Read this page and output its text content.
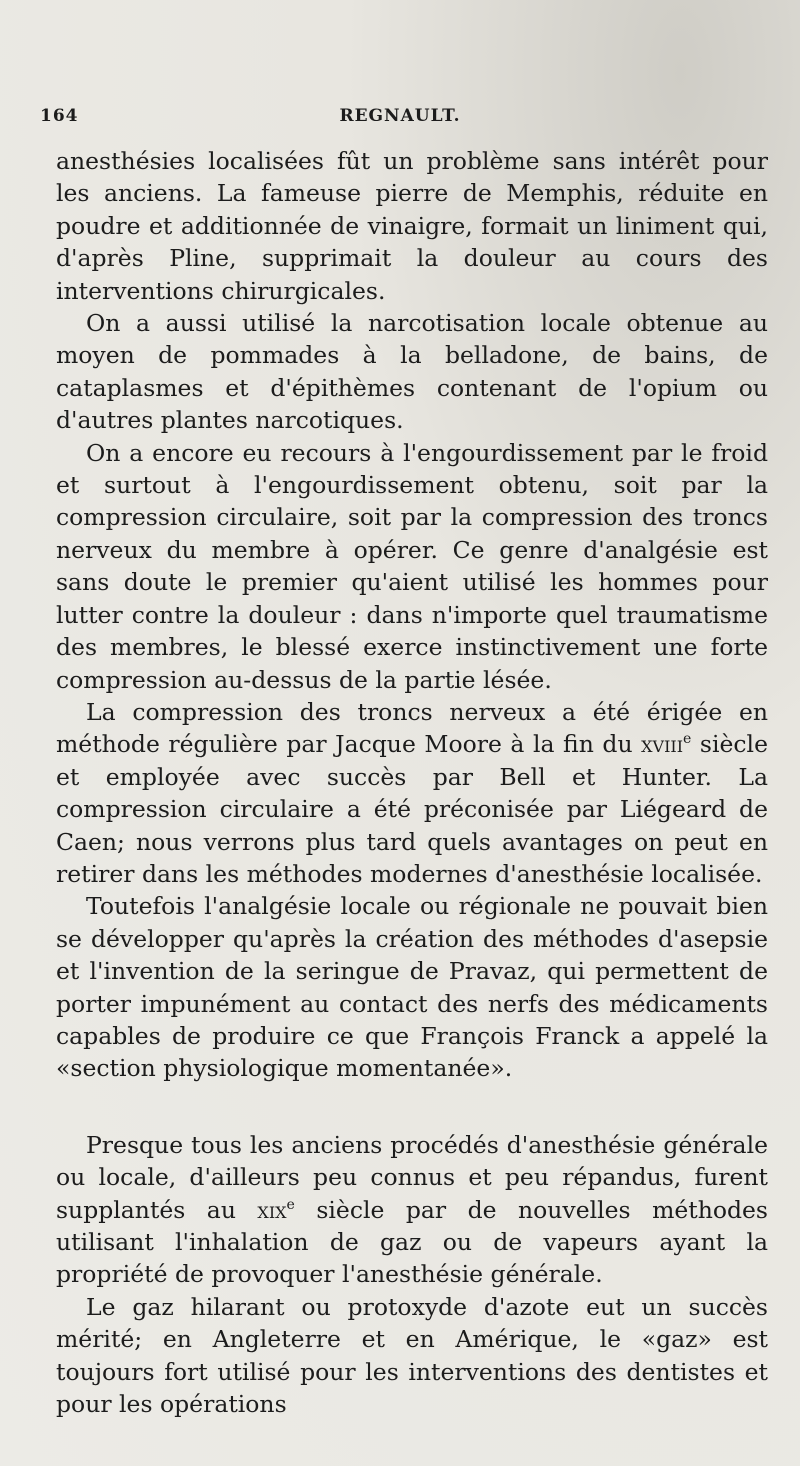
164	REGNAULT.

anesthésies localisées fût un problème sans intérêt pour les anciens. La fameuse pierre de Memphis, réduite en poudre et additionnée de vinaigre, formait un liniment qui, d'après Pline, supprimait la douleur au cours des interventions chirurgicales.

On a aussi utilisé la narcotisation locale obtenue au moyen de pommades à la belladone, de bains, de cataplasmes et d'épithèmes contenant de l'opium ou d'autres plantes narcotiques.

On a encore eu recours à l'engourdissement par le froid et surtout à l'engourdissement obtenu, soit par la compression circulaire, soit par la compression des troncs nerveux du membre à opérer. Ce genre d'analgésie est sans doute le premier qu'aient utilisé les hommes pour lutter contre la douleur : dans n'importe quel traumatisme des membres, le blessé exerce instinctivement une forte compression au-dessus de la partie lésée.

La compression des troncs nerveux a été érigée en méthode régulière par Jacque Moore à la fin du xviii$^e$ siècle et employée avec succès par Bell et Hunter. La compression circulaire a été préconisée par Liégeard de Caen; nous verrons plus tard quels avantages on peut en retirer dans les méthodes modernes d'anesthésie localisée.

Toutefois l'analgésie locale ou régionale ne pouvait bien se développer qu'après la création des méthodes d'asepsie et l'invention de la seringue de Pravaz, qui permettent de porter impunément au contact des nerfs des médicaments capables de produire ce que François Franck a appelé la «section physiologique momentanée».

Presque tous les anciens procédés d'anesthésie générale ou locale, d'ailleurs peu connus et peu répandus, furent supplantés au xix$^e$ siècle par de nouvelles méthodes utilisant l'inhalation de gaz ou de vapeurs ayant la propriété de provoquer l'anesthésie générale.

Le gaz hilarant ou protoxyde d'azote eut un succès mérité; en Angleterre et en Amérique, le «gaz» est toujours fort utilisé pour les interventions des dentistes et pour les opérations
